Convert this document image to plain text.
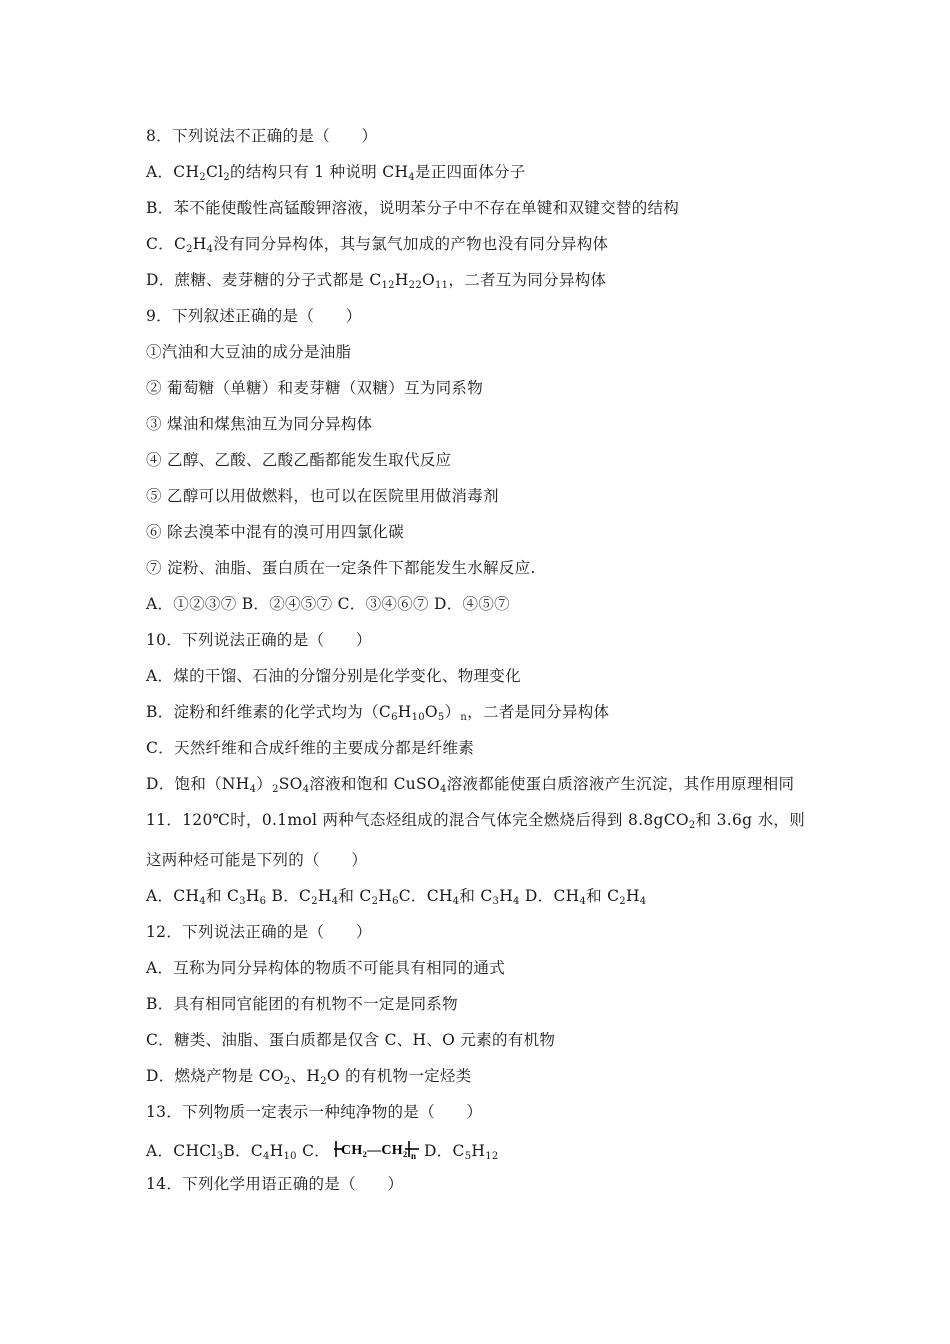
8．下列说法不正确的是（　　）
A．$CH_2Cl_2$的结构只有 1 种说明 $CH_4$是正四面体分子
B．苯不能使酸性高锰酸钾溶液，说明苯分子中不存在单键和双键交替的结构
C．$C_2H_4$没有同分异构体，其与氯气加成的产物也没有同分异构体
D．蔗糖、麦芽糖的分子式都是 $C_{12}H_{22}O_{11}$，二者互为同分异构体
9．下列叙述正确的是（　　）
①汽油和大豆油的成分是油脂
② 葡萄糖（单糖）和麦芽糖（双糖）互为同系物
③ 煤油和煤焦油互为同分异构体
④ 乙醇、乙酸、乙酸乙酯都能发生取代反应
⑤ 乙醇可以用做燃料，也可以在医院里用做消毒剂
⑥ 除去溴苯中混有的溴可用四氯化碳
⑦ 淀粉、油脂、蛋白质在一定条件下都能发生水解反应.
A．①②③⑦ B．②④⑤⑦ C．③④⑥⑦ D．④⑤⑦
10．下列说法正确的是（　　）
A．煤的干馏、石油的分馏分别是化学变化、物理变化
B．淀粉和纤维素的化学式均为$(C_6H_{10}O_5)_n$，二者是同分异构体
C．天然纤维和合成纤维的主要成分都是纤维素
D．饱和$(NH_4)_2SO_4$溶液和饱和 CuSO$_4$溶液都能使蛋白质溶液产生沉淀，其作用原理相同
11．120℃时，0.1mol 两种气态烃组成的混合气体完全燃烧后得到 8.8gCO$_2$和 3.6g 水，则
这两种烃可能是下列的（　　）
A．$CH_4$和 $C_3H_6$ B．$C_2H_4$和 $C_2H_6C$．$CH_4$和 $C_3H_4$ D．$CH_4$和 $C_2H_4$
12．下列说法正确的是（　　）
A．互称为同分异构体的物质不可能具有相同的通式
B．具有相同官能团的有机物不一定是同系物
C．糖类、油脂、蛋白质都是仅含 C、H、O 元素的有机物
D．燃烧产物是 $CO_2$、$H_2O$ 的有机物一定烃类
13．下列物质一定表示一种纯净物的是（　　）
14．下列化学用语正确的是（　　）
A．CHCl$_3$B．$C_4H_{10}$ C． CH₂—CH₂ n D．$C_5H_{12}$
